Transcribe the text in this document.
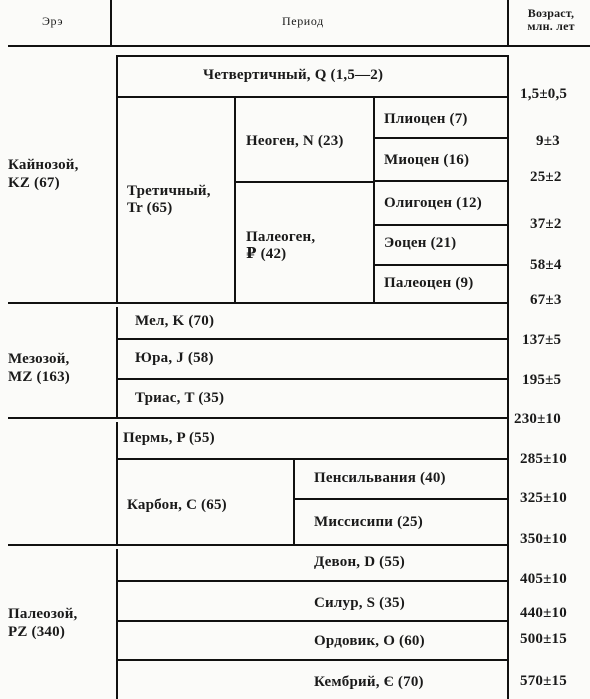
Эрэ	Период
Возраст,
млн. лет
Кайнозой,
KZ (67)
Мезозой,
MZ (163)
Палеозой,
PZ (340)
Четвертичный, Q (1,5—2)
Третичный,
Tr (65)
Неоген, N (23)
Палеоген,
₽ (42)
Плиоцен (7)
Миоцен (16)
Олигоцен (12)
Эоцен (21)
Палеоцен (9)
Мел, K (70)
Юра, J (58)
Триас, T (35)
Пермь, P (55)
Карбон, C (65)
Пенсильвания (40)
Миссисипи (25)
Девон, D (55)
Силур, S (35)
Ордовик, O (60)
Кембрий, Є (70)
1,5±0,5
9±3
25±2
37±2
58±4
67±3
137±5
195±5
230±10
285±10
325±10
350±10
405±10
440±10
500±15
570±15
